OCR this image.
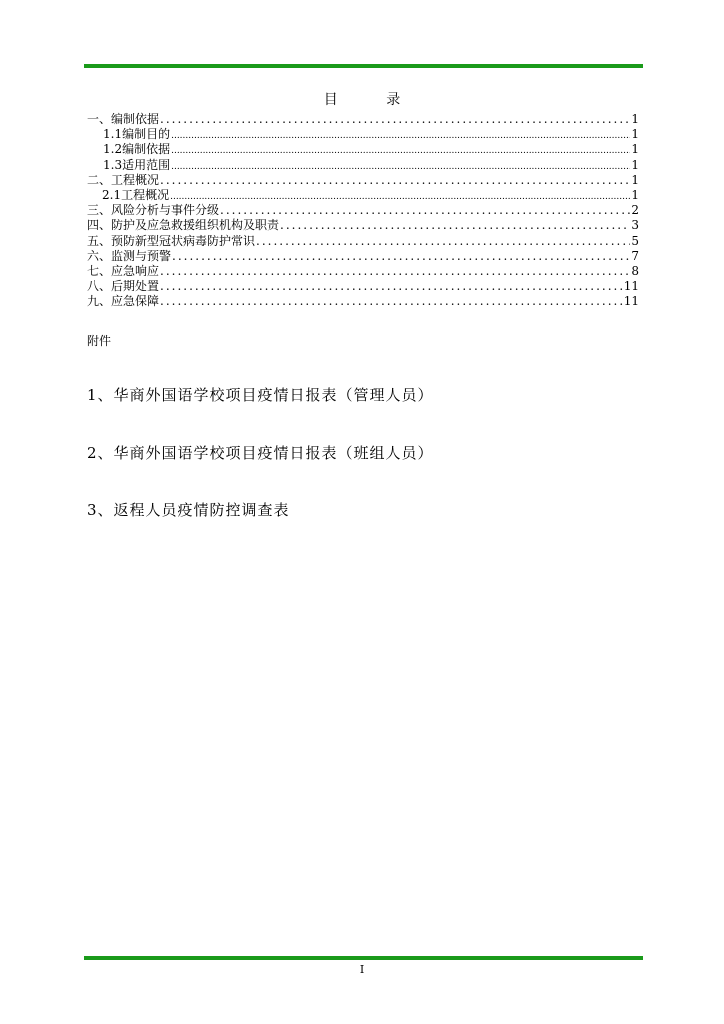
目 录
一、编制依据 .....	1
1.1编制目的 .....	1
1.2编制依据 .....	1
1.3适用范围 .....	1
二、工程概况 .....	1
2.1工程概况 .....	1
三、风险分析与事件分级 .....	2
四、防护及应急救援组织机构及职责 .....	3
五、预防新型冠状病毒防护常识 .....	5
六、监测与预警 .....	7
七、应急响应 .....	8
八、后期处置 .....	11
九、应急保障 .....	11
附件
1、华商外国语学校项目疫情日报表（管理人员）
2、华商外国语学校项目疫情日报表（班组人员）
3、返程人员疫情防控调查表
I
